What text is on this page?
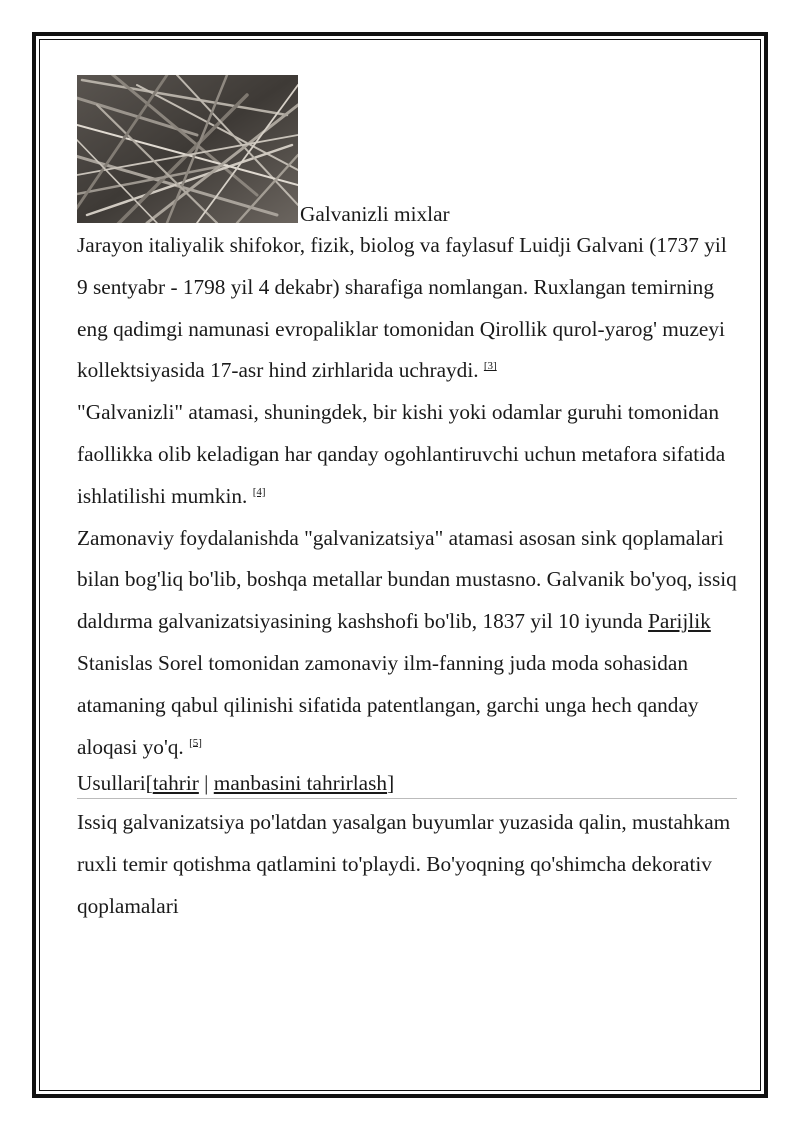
Galvanizli mixlar

Jarayon italiyalik shifokor, fizik, biolog va faylasuf Luidji Galvani (1737 yil 9 sentyabr - 1798 yil 4 dekabr) sharafiga nomlangan. Ruxlangan temirning eng qadimgi namunasi evropaliklar tomonidan Qirollik qurol-yarog' muzeyi kollektsiyasida 17-asr hind zirhlarida uchraydi. [3]

"Galvanizli" atamasi, shuningdek, bir kishi yoki odamlar guruhi tomonidan faollikka olib keladigan har qanday ogohlantiruvchi uchun metafora sifatida ishlatilishi mumkin. [4]

Zamonaviy foydalanishda "galvanizatsiya" atamasi asosan sink qoplamalari bilan bog'liq bo'lib, boshqa metallar bundan mustasno. Galvanik bo'yoq, issiq daldırma galvanizatsiyasining kashshofi bo'lib, 1837 yil 10 iyunda Parijlik Stanislas Sorel tomonidan zamonaviy ilm-fanning juda moda sohasidan atamaning qabul qilinishi sifatida patentlangan, garchi unga hech qanday aloqasi yo'q. [5]

Usullari[tahrir | manbasini tahrirlash]

Issiq galvanizatsiya po'latdan yasalgan buyumlar yuzasida qalin, mustahkam ruxli temir qotishma qatlamini to'playdi. Bo'yoqning qo'shimcha dekorativ qoplamalari
